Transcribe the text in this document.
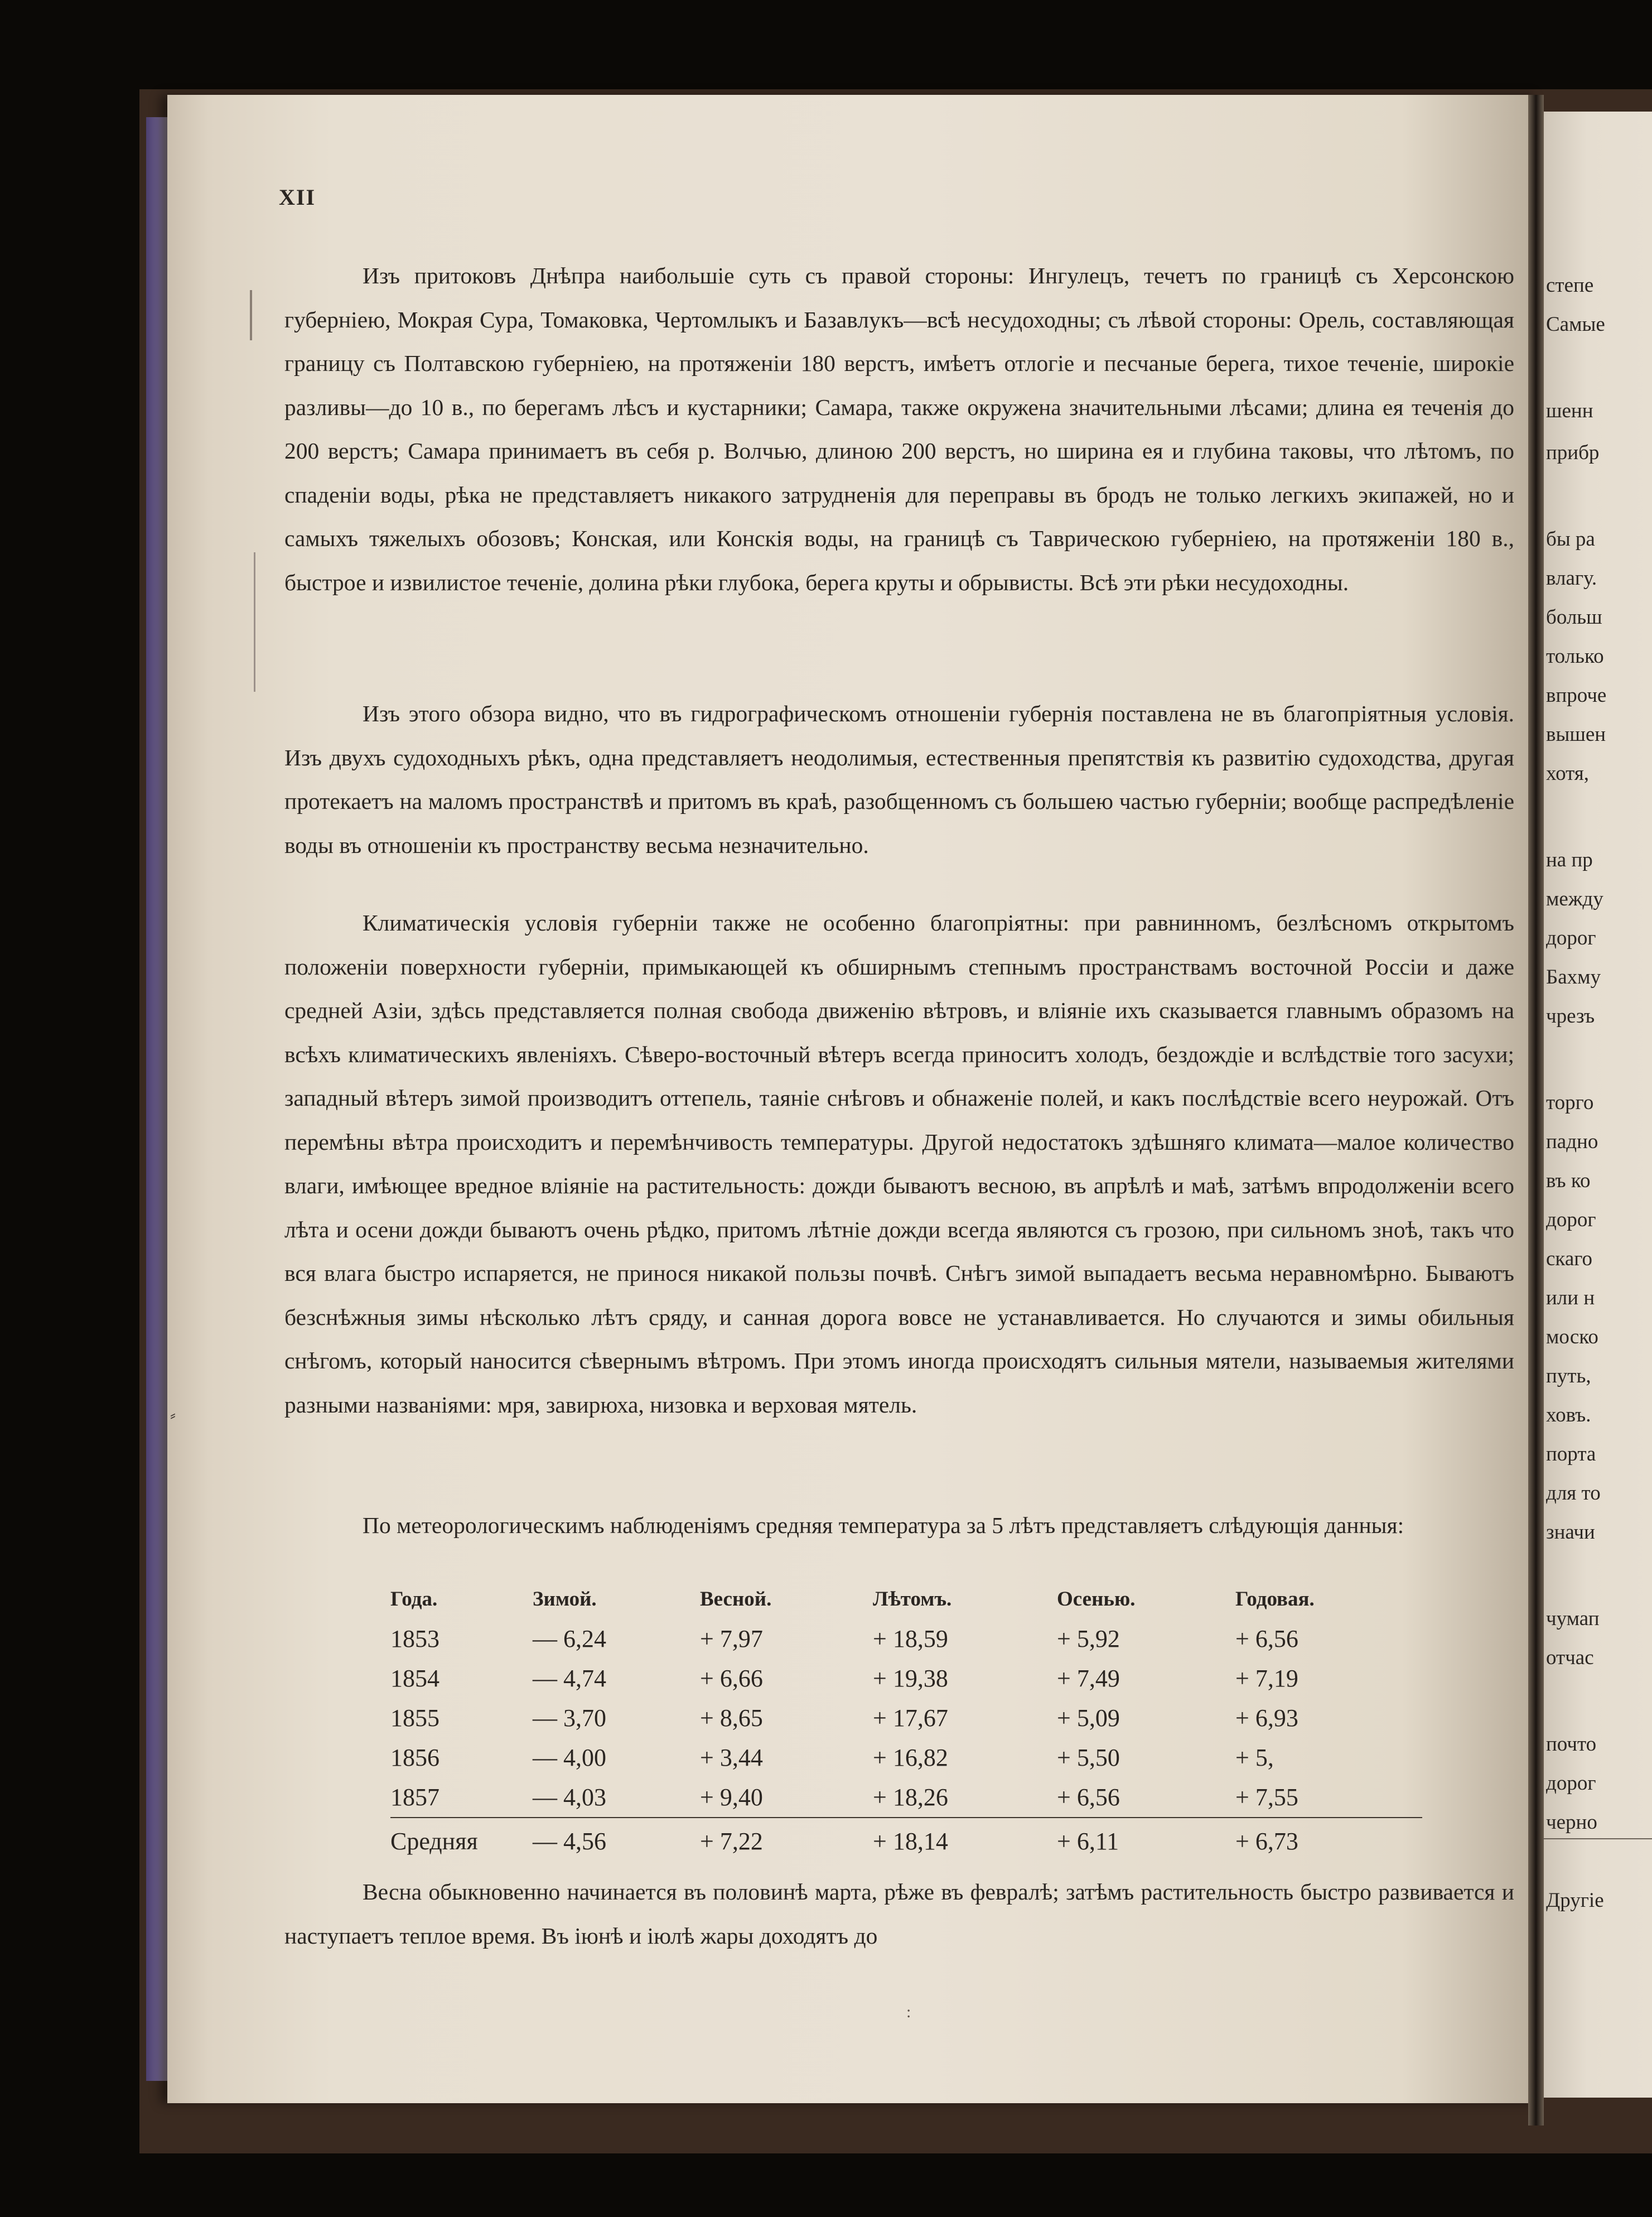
степе
Самые
шенн
прибр
бы ра
влагу.
больш
только
впроче
вышен
хотя,
на пр
между
дорог
Бахму
чрезъ
торго
падно
въ ко
дорог
скаго
или н
моско
путь,
ховъ.
порта
для то
значи
чумап
отчас
почто
дорог
черно
Другіе
⸗
XII

Изъ притоковъ Днѣпра наибольшіе суть съ правой стороны: Ингулецъ, течетъ по границѣ съ Херсонскою губерніею, Мокрая Сура, Томаковка, Чертомлыкъ и Базавлукъ—всѣ несудоходны; съ лѣвой стороны: Орель, составляющая границу съ Полтавскою губерніею, на протяженіи 180 верстъ, имѣетъ отлогіе и песчаные берега, тихое теченіе, широкіе разливы—до 10 в., по берегамъ лѣсъ и кустарники; Самара, также окружена значительными лѣсами; длина ея теченія до 200 верстъ; Самара принимаетъ въ себя р. Волчью, длиною 200 верстъ, но ширина ея и глубина таковы, что лѣтомъ, по спаденіи воды, рѣка не представляетъ никакого затрудненія для переправы въ бродъ не только легкихъ экипажей, но и самыхъ тяжелыхъ обозовъ; Конская, или Конскія воды, на границѣ съ Таврическою губерніею, на протяженіи 180 в., быстрое и извилистое теченіе, долина рѣки глубока, берега круты и обрывисты. Всѣ эти рѣки несудоходны.

Изъ этого обзора видно, что въ гидрографическомъ отношеніи губернія поставлена не въ благопріятныя условія. Изъ двухъ судоходныхъ рѣкъ, одна представляетъ неодолимыя, естественныя препятствія къ развитію судоходства, другая протекаетъ на маломъ пространствѣ и притомъ въ краѣ, разобщенномъ съ большею частью губерніи; вообще распредѣленіе воды въ отношеніи къ пространству весьма незначительно.

Климатическія условія губерніи также не особенно благопріятны: при равнинномъ, безлѣсномъ открытомъ положеніи поверхности губерніи, примыкающей къ обширнымъ степнымъ пространствамъ восточной Россіи и даже средней Азіи, здѣсь представляется полная свобода движенію вѣтровъ, и вліяніе ихъ сказывается главнымъ образомъ на всѣхъ климатическихъ явленіяхъ. Сѣверо-восточный вѣтеръ всегда приноситъ холодъ, бездождіе и вслѣдствіе того засухи; западный вѣтеръ зимой производитъ оттепель, таяніе снѣговъ и обнаженіе полей, и какъ послѣдствіе всего неурожай. Отъ перемѣны вѣтра происходитъ и перемѣнчивость температуры. Другой недостатокъ здѣшняго климата—малое количество влаги, имѣющее вредное вліяніе на растительность: дожди бываютъ весною, въ апрѣлѣ и маѣ, затѣмъ впродолженіи всего лѣта и осени дожди бываютъ очень рѣдко, притомъ лѣтніе дожди всегда являются съ грозою, при сильномъ зноѣ, такъ что вся влага быстро испаряется, не принося никакой пользы почвѣ. Снѣгъ зимой выпадаетъ весьма неравномѣрно. Бываютъ безснѣжныя зимы нѣсколько лѣтъ сряду, и санная дорога вовсе не устанавливается. Но случаются и зимы обильныя снѣгомъ, который наносится сѣвернымъ вѣтромъ. При этомъ иногда происходятъ сильныя мятели, называемыя жителями разными названіями: мря, завирюха, низовка и верховая мятель.

По метеорологическимъ наблюденіямъ средняя температура за 5 лѣтъ представляетъ слѣдующія данныя:

Года.	Зимой.	Весной.	Лѣтомъ.	Осенью.	Годовая.
1853	— 6,24	+ 7,97	+ 18,59	+ 5,92	+ 6,56
1854	— 4,74	+ 6,66	+ 19,38	+ 7,49	+ 7,19
1855	— 3,70	+ 8,65	+ 17,67	+ 5,09	+ 6,93
1856	— 4,00	+ 3,44	+ 16,82	+ 5,50	+ 5,
1857	— 4,03	+ 9,40	+ 18,26	+ 6,56	+ 7,55
Средняя	— 4,56	+ 7,22	+ 18,14	+ 6,11	+ 6,73

Весна обыкновенно начинается въ половинѣ марта, рѣже въ февралѣ; затѣмъ растительность быстро развивается и наступаетъ теплое время. Въ іюнѣ и іюлѣ жары доходятъ до

:
